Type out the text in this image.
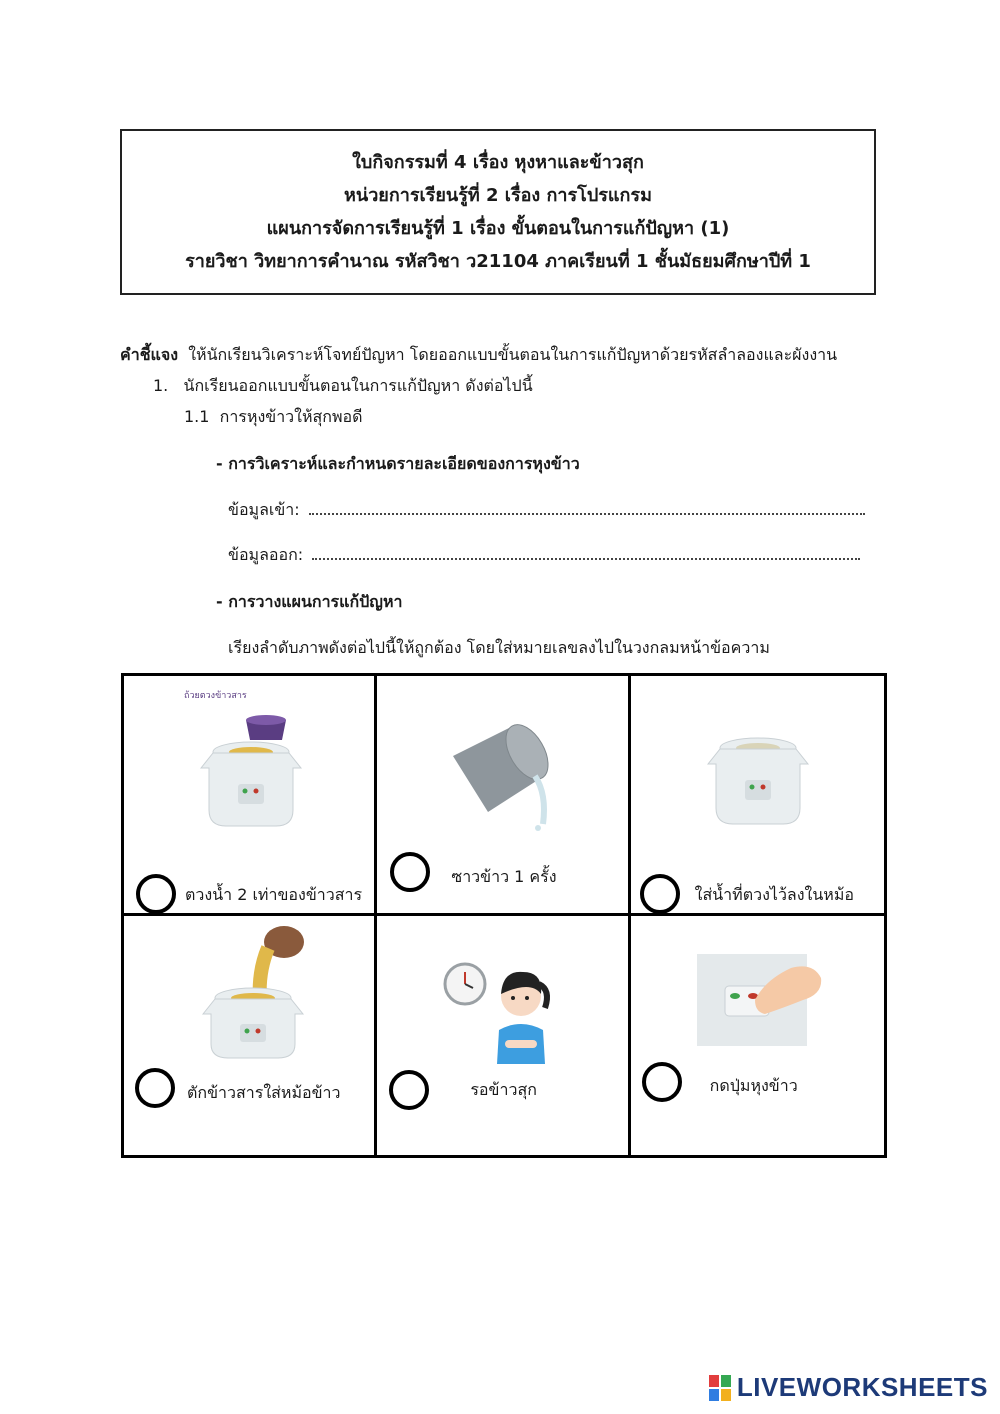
ใบกิจกรรมที่ 4 เรื่อง หุงหาและข้าวสุก
หน่วยการเรียนรู้ที่ 2 เรื่อง การโปรแกรม
แผนการจัดการเรียนรู้ที่ 1 เรื่อง ขั้นตอนในการแก้ปัญหา (1)
รายวิชา วิทยาการคำนาณ รหัสวิชา ว21104 ภาคเรียนที่ 1 ชั้นมัธยมศึกษาปีที่ 1
คำชี้แจง ให้นักเรียนวิเคราะห์โจทย์ปัญหา โดยออกแบบขั้นตอนในการแก้ปัญหาด้วยรหัสลำลองและผังงาน
1. นักเรียนออกแบบขั้นตอนในการแก้ปัญหา ดังต่อไปนี้
1.1 การหุงข้าวให้สุกพอดี
- การวิเคราะห์และกำหนดรายละเอียดของการหุงข้าว
ข้อมูลเข้า:
ข้อมูลออก:
- การวางแผนการแก้ปัญหา
เรียงลำดับภาพดังต่อไปนี้ให้ถูกต้อง โดยใส่หมายเลขลงไปในวงกลมหน้าข้อความ
ถ้วยตวงข้าวสาร
ตวงน้ำ 2 เท่าของข้าวสาร
ซาวข้าว 1 ครั้ง
ใส่น้ำที่ตวงไว้ลงในหม้อ
ตักข้าวสารใส่หม้อข้าว	รอข้าวสุก	กดปุ่มหุงข้าว
LIVEWORKSHEETS
